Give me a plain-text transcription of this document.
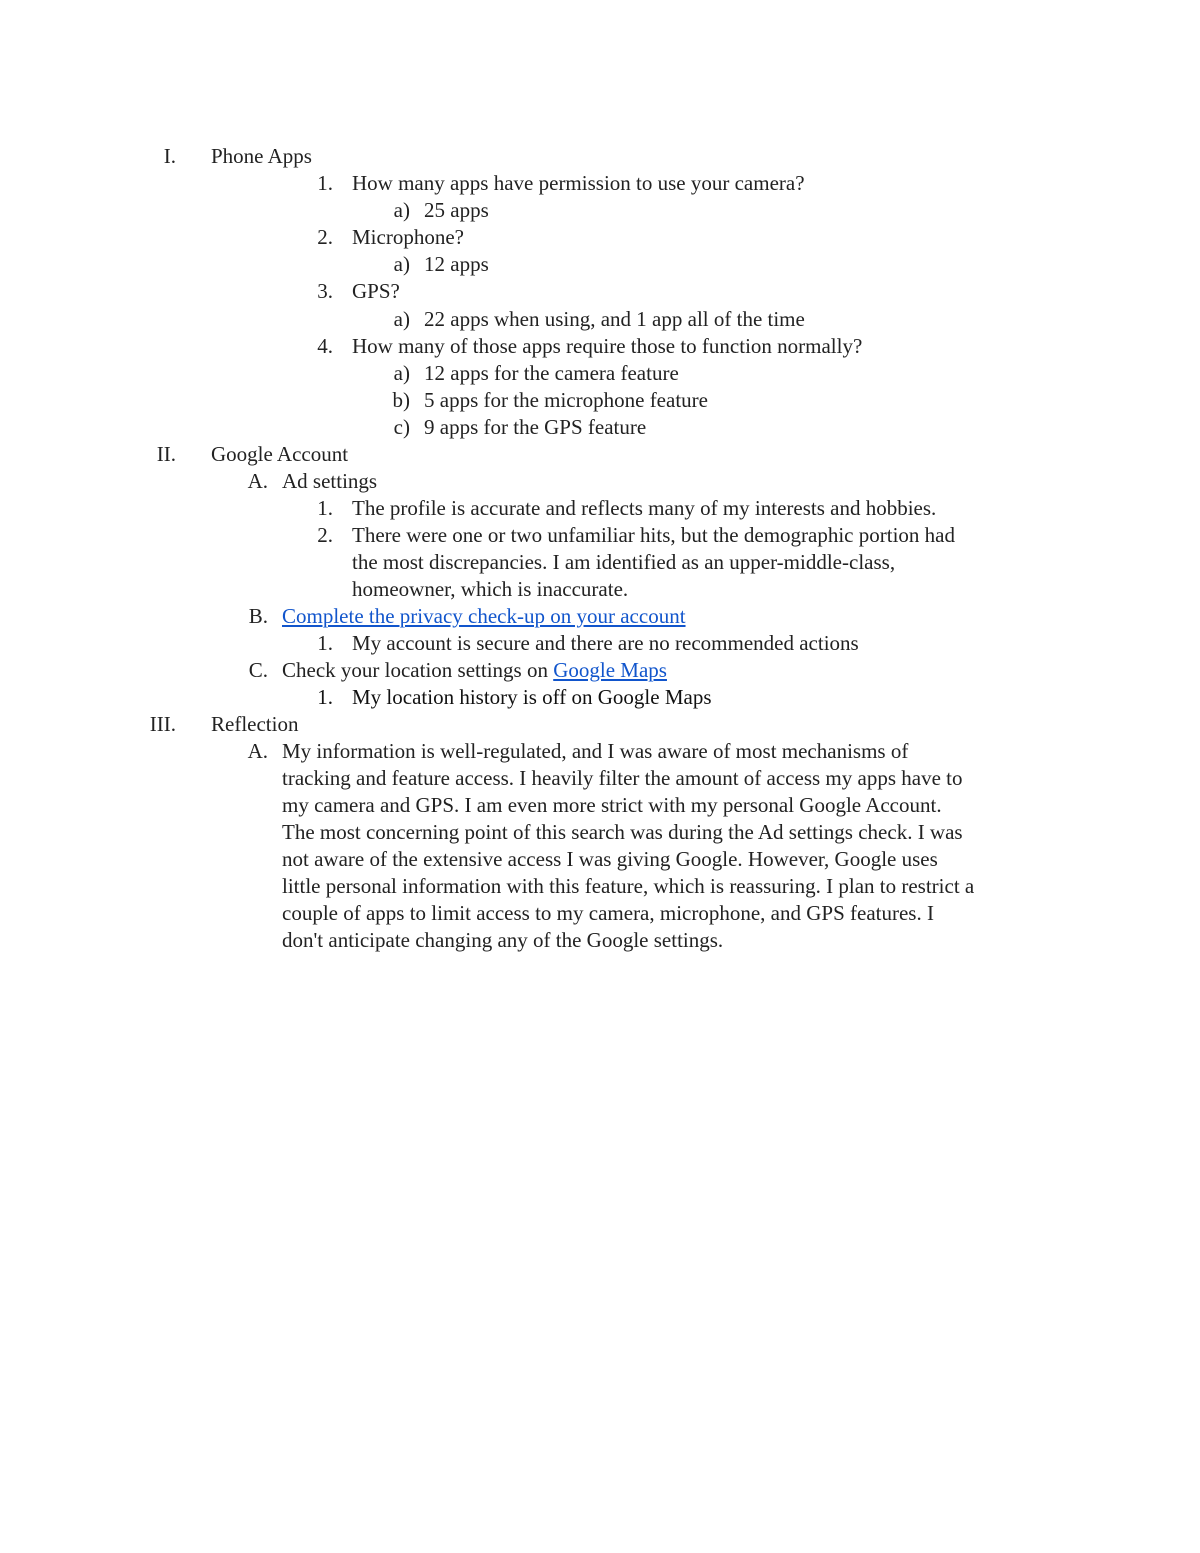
I. Phone Apps
1. How many apps have permission to use your camera?
a) 25 apps
2. Microphone?
a) 12 apps
3. GPS?
a) 22 apps when using, and 1 app all of the time
4. How many of those apps require those to function normally?
a) 12 apps for the camera feature
b) 5 apps for the microphone feature
c) 9 apps for the GPS feature
II. Google Account
A. Ad settings
1. The profile is accurate and reflects many of my interests and hobbies.
2. There were one or two unfamiliar hits, but the demographic portion had
the most discrepancies. I am identified as an upper-middle-class,
homeowner, which is inaccurate.
B. Complete the privacy check-up on your account
1. My account is secure and there are no recommended actions
C. Check your location settings on Google Maps
1. My location history is off on Google Maps
III. Reflection
A. My information is well-regulated, and I was aware of most mechanisms of
tracking and feature access. I heavily filter the amount of access my apps have to
my camera and GPS. I am even more strict with my personal Google Account.
The most concerning point of this search was during the Ad settings check. I was
not aware of the extensive access I was giving Google. However, Google uses
little personal information with this feature, which is reassuring. I plan to restrict a
couple of apps to limit access to my camera, microphone, and GPS features. I
don't anticipate changing any of the Google settings.
